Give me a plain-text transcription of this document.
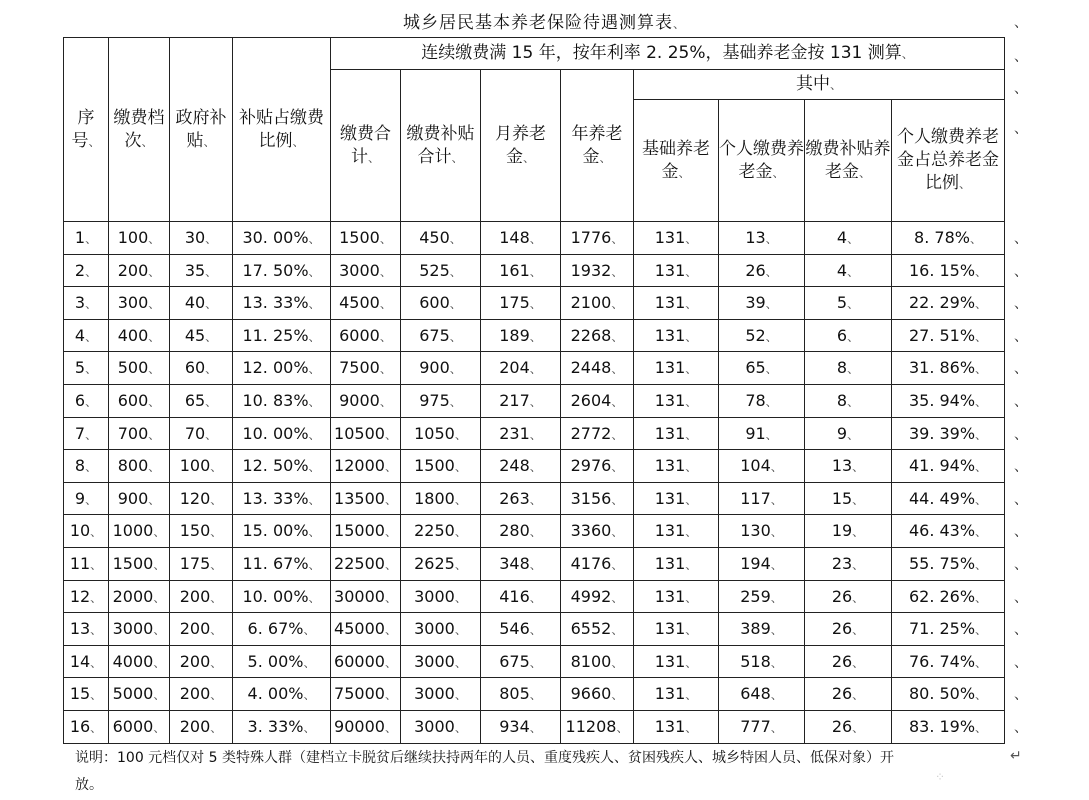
城乡居民基本养老保险待遇测算表、
序号、	缴费档次、	政府补贴、	补贴占缴费比例、	连续缴费满 15 年，按年利率 2. 25%，基础养老金按 131 测算、							
				缴费合计、	缴费补贴合计、	月养老金、	年养老金、	其中、			
								基础养老金、	个人缴费养老金、	缴费补贴养老金、	个人缴费养老金占总养老金比例、
1、	100、	30、	30. 00%、	1500、	450、	148、	1776、	131、	13、	4、	8. 78%、
2、	200、	35、	17. 50%、	3000、	525、	161、	1932、	131、	26、	4、	16. 15%、
3、	300、	40、	13. 33%、	4500、	600、	175、	2100、	131、	39、	5、	22. 29%、
4、	400、	45、	11. 25%、	6000、	675、	189、	2268、	131、	52、	6、	27. 51%、
5、	500、	60、	12. 00%、	7500、	900、	204、	2448、	131、	65、	8、	31. 86%、
6、	600、	65、	10. 83%、	9000、	975、	217、	2604、	131、	78、	8、	35. 94%、
7、	700、	70、	10. 00%、	10500、	1050、	231、	2772、	131、	91、	9、	39. 39%、
8、	800、	100、	12. 50%、	12000、	1500、	248、	2976、	131、	104、	13、	41. 94%、
9、	900、	120、	13. 33%、	13500、	1800、	263、	3156、	131、	117、	15、	44. 49%、
10、	1000、	150、	15. 00%、	15000、	2250、	280、	3360、	131、	130、	19、	46. 43%、
11、	1500、	175、	11. 67%、	22500、	2625、	348、	4176、	131、	194、	23、	55. 75%、
12、	2000、	200、	10. 00%、	30000、	3000、	416、	4992、	131、	259、	26、	62. 26%、
13、	3000、	200、	6. 67%、	45000、	3000、	546、	6552、	131、	389、	26、	71. 25%、
14、	4000、	200、	5. 00%、	60000、	3000、	675、	8100、	131、	518、	26、	76. 74%、
15、	5000、	200、	4. 00%、	75000、	3000、	805、	9660、	131、	648、	26、	80. 50%、
16、	6000、	200、	3. 33%、	90000、	3000、	934、	11208、	131、	777、	26、	83. 19%、
说明：100 元档仅对 5 类特殊人群（建档立卡脱贫后继续扶持两年的人员、重度残疾人、贫困残疾人、城乡特困人员、低保对象）开放。
、
、
、
、
↵
⁘
、
、
、
、
、
、
、
、
、
、
、
、
、
、
、
、
